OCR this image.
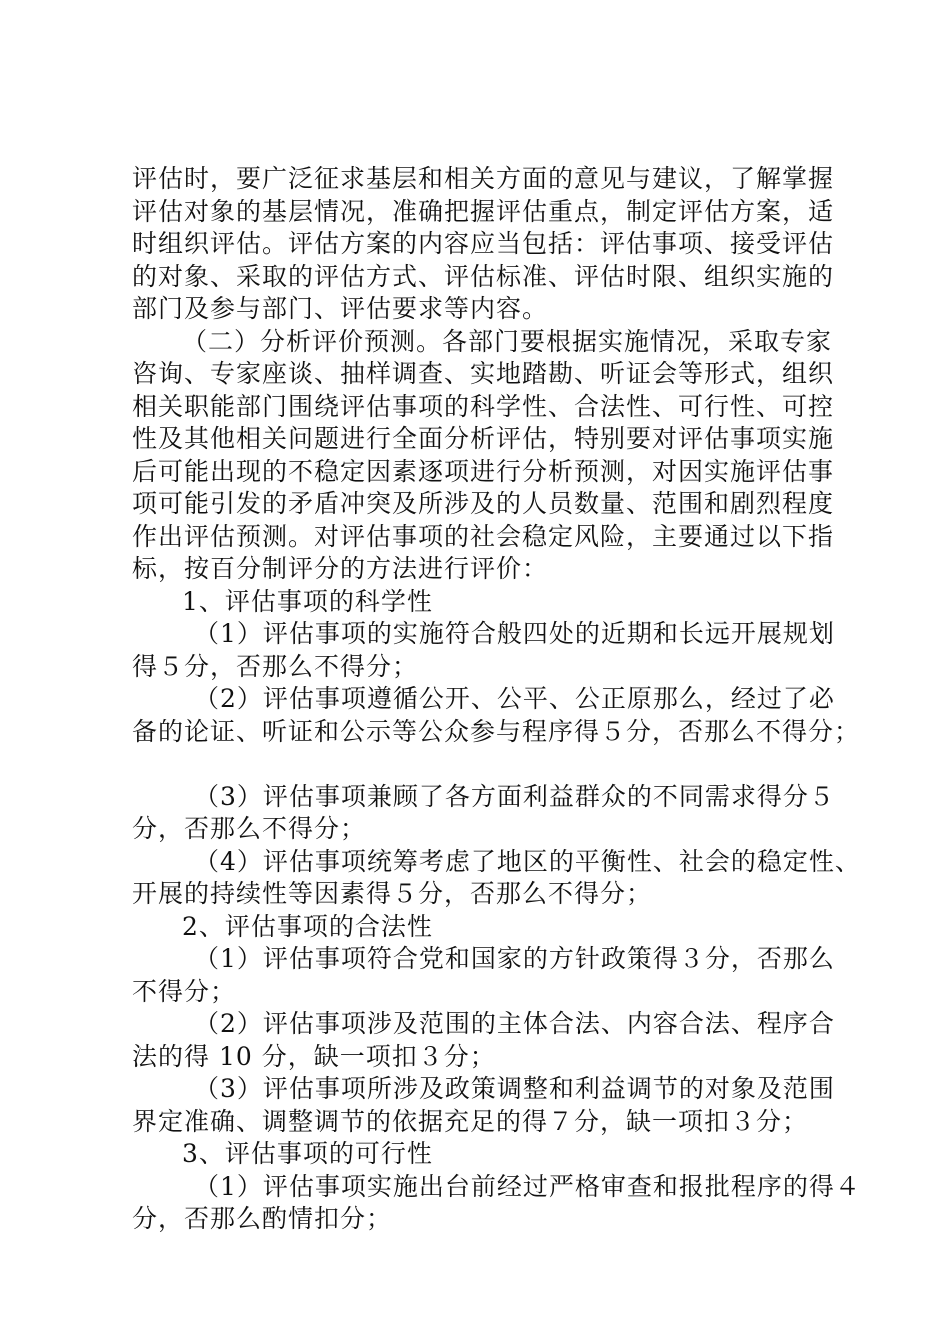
评估时，要广泛征求基层和相关方面的意见与建议，了解掌握
评估对象的基层情况，准确把握评估重点，制定评估方案，适
时组织评估。评估方案的内容应当包括：评估事项、接受评估
的对象、采取的评估方式、评估标准、评估时限、组织实施的
部门及参与部门、评估要求等内容。
（二）分析评价预测。各部门要根据实施情况，采取专家
咨询、专家座谈、抽样调查、实地踏勘、听证会等形式，组织
相关职能部门围绕评估事项的科学性、合法性、可行性、可控
性及其他相关问题进行全面分析评估，特别要对评估事项实施
后可能出现的不稳定因素逐项进行分析预测，对因实施评估事
项可能引发的矛盾冲突及所涉及的人员数量、范围和剧烈程度
作出评估预测。对评估事项的社会稳定风险，主要通过以下指
标，按百分制评分的方法进行评价：
1、评估事项的科学性
（1）评估事项的实施符合般四处的近期和长远开展规划
得５分，否那么不得分；
（2）评估事项遵循公开、公平、公正原那么，经过了必
备的论证、听证和公示等公众参与程序得５分，否那么不得分；
（3）评估事项兼顾了各方面利益群众的不同需求得分５
分，否那么不得分；
（4）评估事项统筹考虑了地区的平衡性、社会的稳定性、
开展的持续性等因素得５分，否那么不得分；
2、评估事项的合法性
（1）评估事项符合党和国家的方针政策得３分，否那么
不得分；
（2）评估事项涉及范围的主体合法、内容合法、程序合
法的得 10 分，缺一项扣３分；
（3）评估事项所涉及政策调整和利益调节的对象及范围
界定准确、调整调节的依据充足的得７分，缺一项扣３分；
3、评估事项的可行性
（1）评估事项实施出台前经过严格审查和报批程序的得４
分，否那么酌情扣分；
